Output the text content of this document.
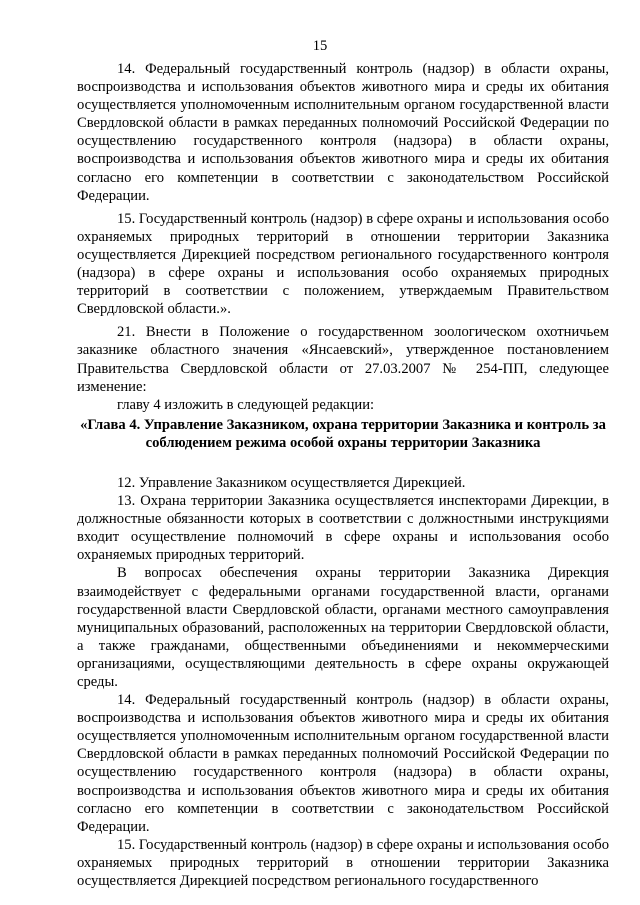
15

14. Федеральный государственный контроль (надзор) в области охраны, воспроизводства и использования объектов животного мира и среды их обитания осуществляется уполномоченным исполнительным органом государственной власти Свердловской области в рамках переданных полномочий Российской Федерации по осуществлению государственного контроля (надзора) в области охраны, воспроизводства и использования объектов животного мира и среды их обитания согласно его компетенции в соответствии с законодательством Российской Федерации.

15. Государственный контроль (надзор) в сфере охраны и использования особо охраняемых природных территорий в отношении территории Заказника осуществляется Дирекцией посредством регионального государственного контроля (надзора) в сфере охраны и использования особо охраняемых природных территорий в соответствии с положением, утверждаемым Правительством Свердловской области.».

21. Внести в Положение о государственном зоологическом охотничьем заказнике областного значения «Янсаевский», утвержденное постановлением Правительства Свердловской области от 27.03.2007 № 254-ПП, следующее изменение:

главу 4 изложить в следующей редакции:

«Глава 4. Управление Заказником, охрана территории Заказника и контроль за соблюдением режима особой охраны территории Заказника

12. Управление Заказником осуществляется Дирекцией.

13. Охрана территории Заказника осуществляется инспекторами Дирекции, в должностные обязанности которых в соответствии с должностными инструкциями входит осуществление полномочий в сфере охраны и использования особо охраняемых природных территорий.

В вопросах обеспечения охраны территории Заказника Дирекция взаимодействует с федеральными органами государственной власти, органами государственной власти Свердловской области, органами местного самоуправления муниципальных образований, расположенных на территории Свердловской области, а также гражданами, общественными объединениями и некоммерческими организациями, осуществляющими деятельность в сфере охраны окружающей среды.

14. Федеральный государственный контроль (надзор) в области охраны, воспроизводства и использования объектов животного мира и среды их обитания осуществляется уполномоченным исполнительным органом государственной власти Свердловской области в рамках переданных полномочий Российской Федерации по осуществлению государственного контроля (надзора) в области охраны, воспроизводства и использования объектов животного мира и среды их обитания согласно его компетенции в соответствии с законодательством Российской Федерации.

15. Государственный контроль (надзор) в сфере охраны и использования особо охраняемых природных территорий в отношении территории Заказника осуществляется Дирекцией посредством регионального государственного
